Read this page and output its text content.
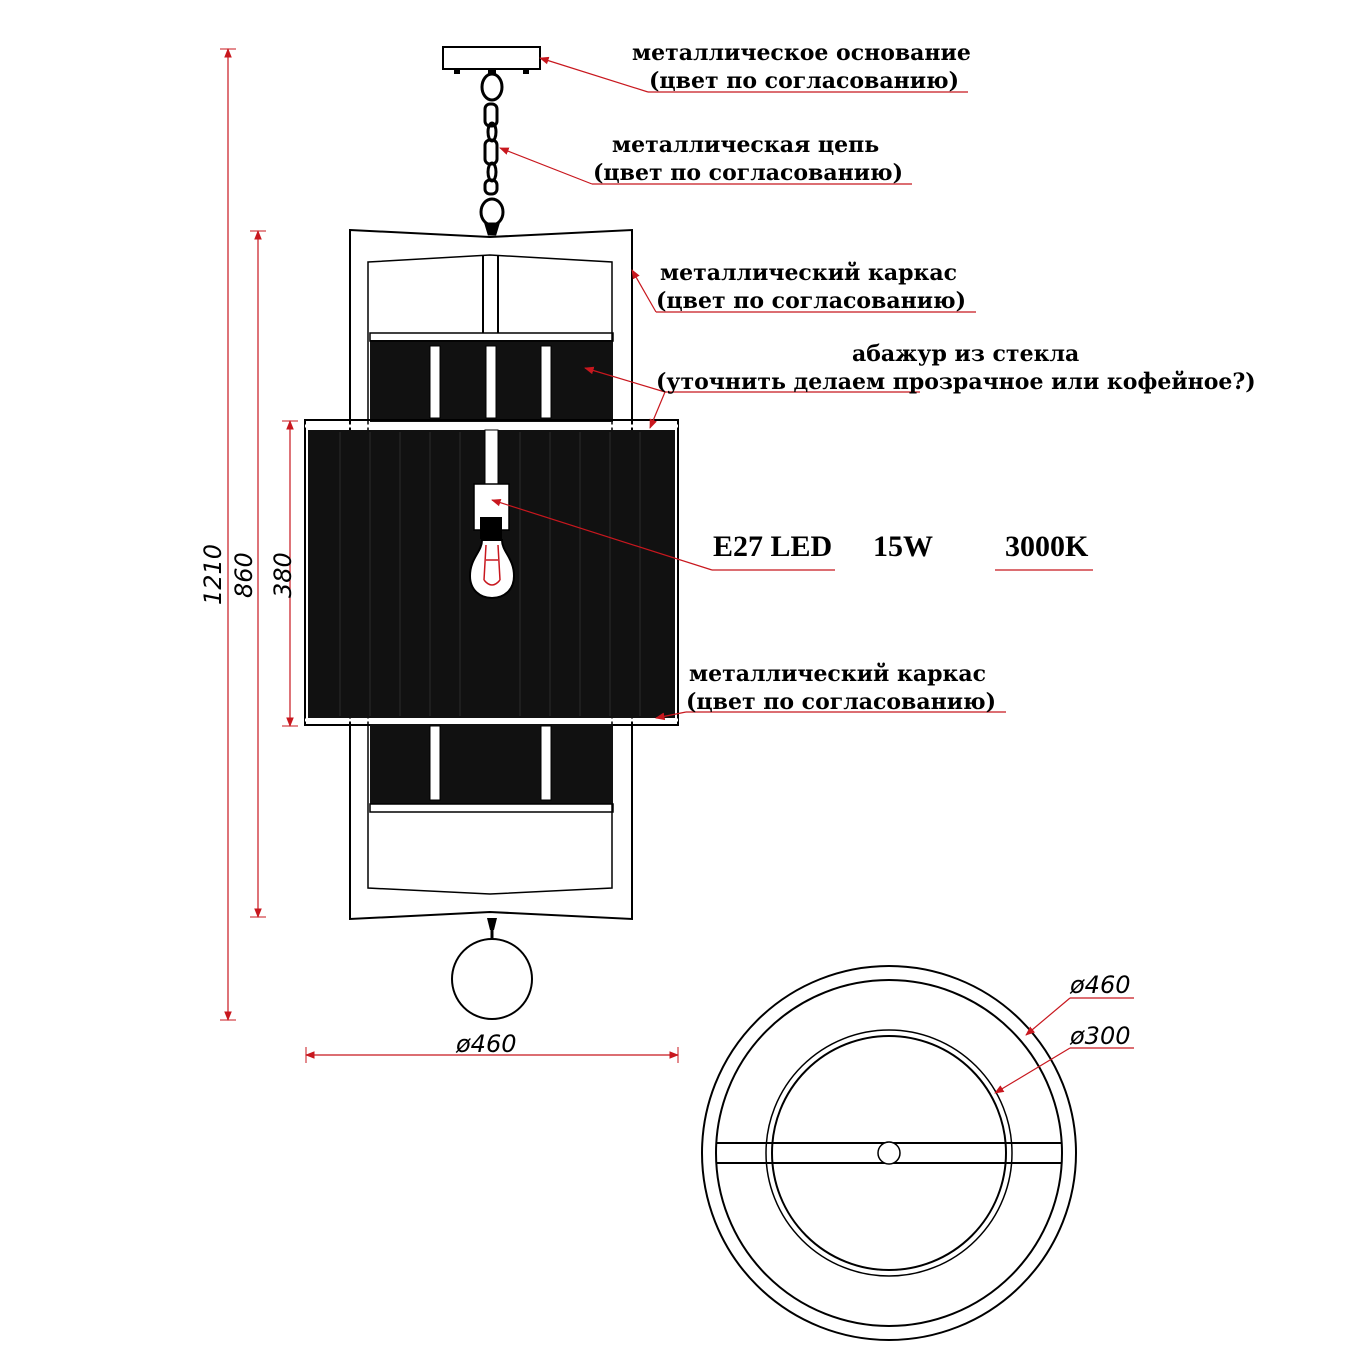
1210 860 380
ø460
ø460
ø300
металлическое основание
(цвет по согласованию)
металлическая цепь
(цвет по согласованию)
металлический каркас
(цвет по согласованию)
абажур из стекла
(уточнить делаем прозрачное или кофейное?)
E27 LED 15W 3000K
металлический каркас
(цвет по согласованию)
